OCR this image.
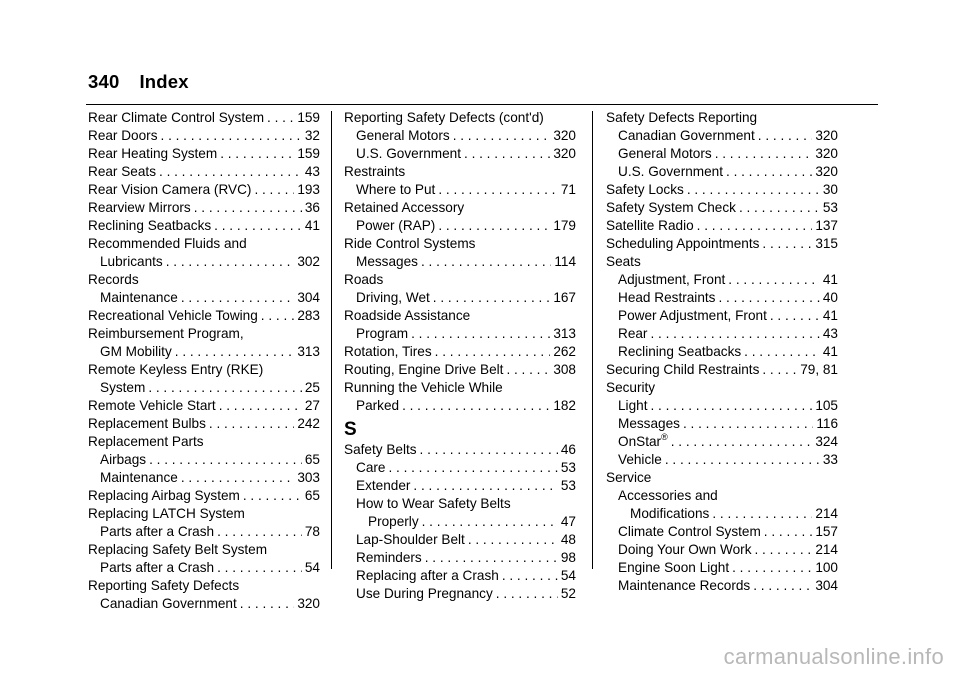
340 Index
Rear Climate Control System . . . 159
Rear Doors . . .	32
Rear Heating System . . .	159
Rear Seats . . .	43
Rear Vision Camera (RVC) . . .	193
Rearview Mirrors . . .	36
Reclining Seatbacks . . .	41
Recommended Fluids and
Lubricants . . .	302
Records
Maintenance . . .	304
Recreational Vehicle Towing . . .	283
Reimbursement Program,
GM Mobility . . .	313
Remote Keyless Entry (RKE)
System . . .	25
Remote Vehicle Start . . .	27
Replacement Bulbs . . .	242
Replacement Parts
Airbags . . .	65
Maintenance . . .	303
Replacing Airbag System . . .	65
Replacing LATCH System
Parts after a Crash . . .	78
Replacing Safety Belt System
Parts after a Crash . . .	54
Reporting Safety Defects
Canadian Government . . .	320
Reporting Safety Defects (cont'd)
General Motors . . .	320
U.S. Government . . .	320
Restraints
Where to Put . . .	71
Retained Accessory
Power (RAP) . . .	179
Ride Control Systems
Messages . . .	114
Roads
Driving, Wet . . .	167
Roadside Assistance
Program . . .	313
Rotation, Tires . . .	262
Routing, Engine Drive Belt . . .	308
Running the Vehicle While
Parked . . .	182
S
Safety Belts . . .	46
Care . . .	53
Extender . . .	53
How to Wear Safety Belts
Properly . . .	47
Lap-Shoulder Belt . . .	48
Reminders . . .	98
Replacing after a Crash . . .	54
Use During Pregnancy . . .	52
Safety Defects Reporting
Canadian Government . . .	320
General Motors . . .	320
U.S. Government . . .	320
Safety Locks . . .	30
Safety System Check . . .	53
Satellite Radio . . .	137
Scheduling Appointments . . .	315
Seats
Adjustment, Front . . .	41
Head Restraints . . .	40
Power Adjustment, Front . . .	41
Rear . . .	43
Reclining Seatbacks . . .	41
Securing Child Restraints . . .	79, 81
Security
Light . . .	105
Messages . . .	116
OnStar® . . .	324
Vehicle . . .	33
Service
Accessories and
Modifications . . .	214
Climate Control System . . .	157
Doing Your Own Work . . .	214
Engine Soon Light . . .	100
Maintenance Records . . .	304
carmanualsonline.info
